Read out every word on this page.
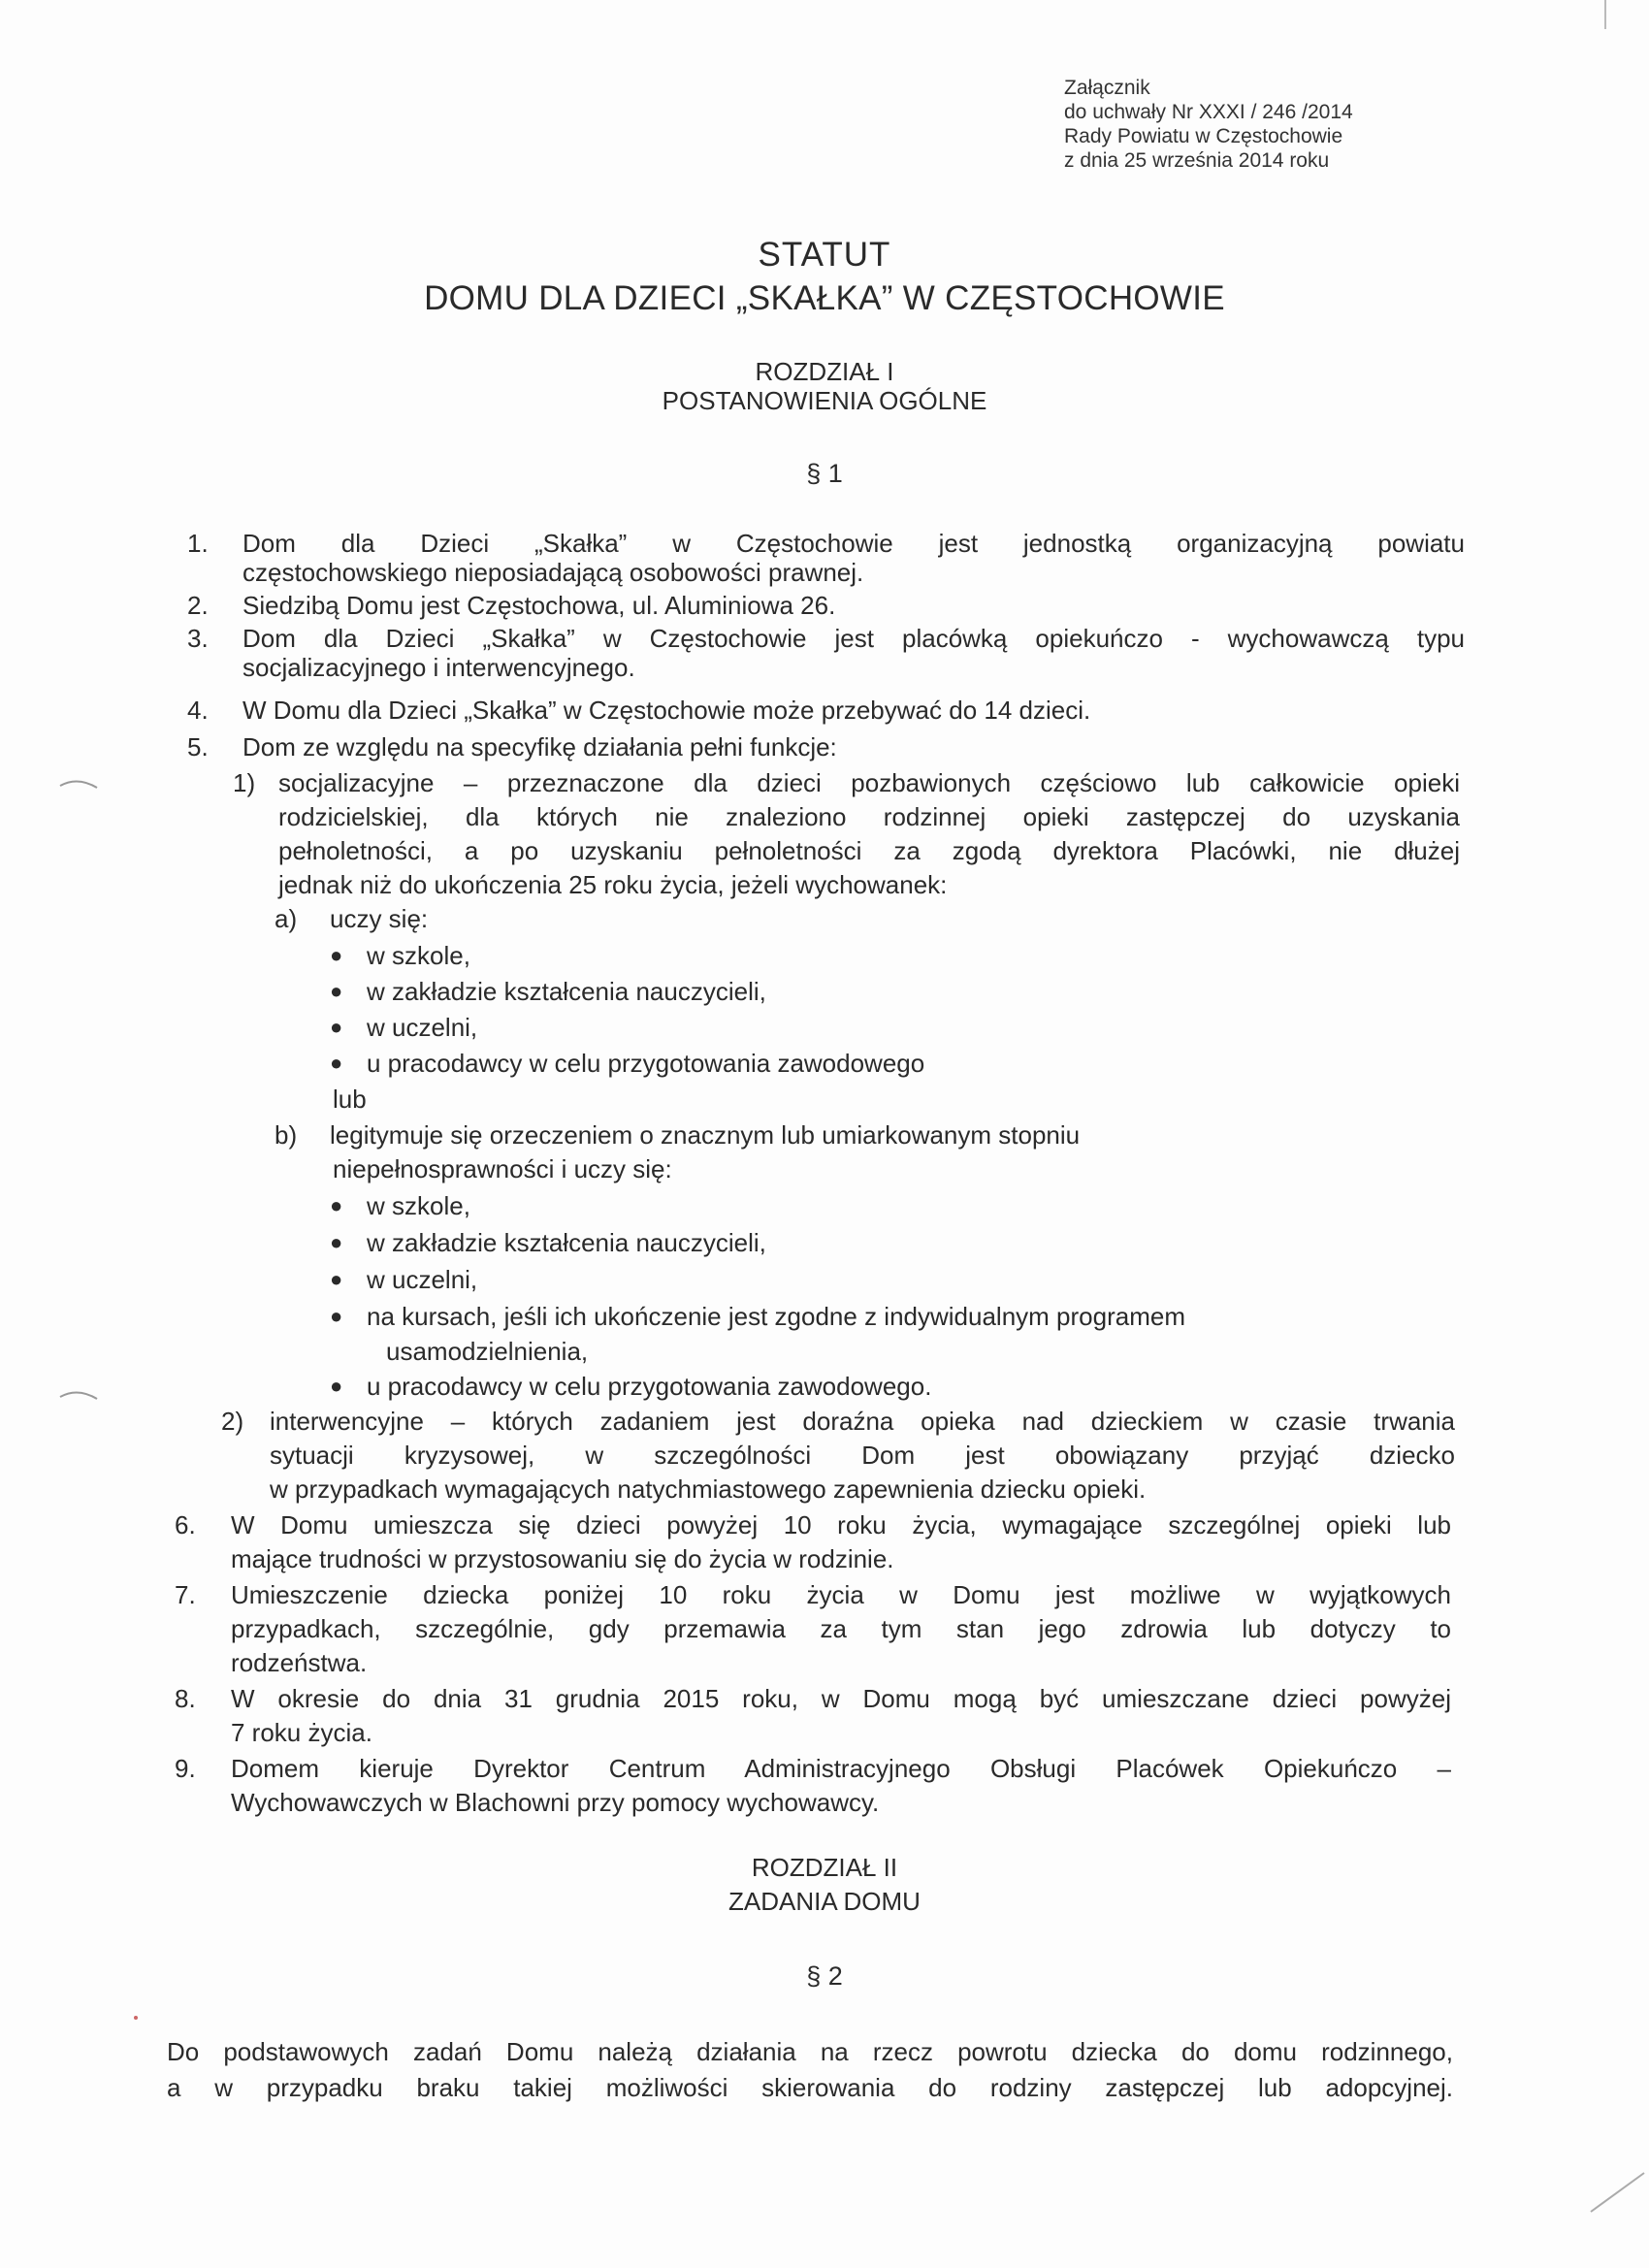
Załącznik
do uchwały Nr XXXI / 246 /2014
Rady Powiatu w Częstochowie
z dnia 25 września 2014 roku
STATUT
DOMU DLA DZIECI „SKAŁKA” W CZĘSTOCHOWIE
ROZDZIAŁ I
POSTANOWIENIA OGÓLNE
§ 1
1. Dom dla Dzieci „Skałka” w Częstochowie jest jednostką organizacyjną powiatu
częstochowskiego nieposiadającą osobowości prawnej.
2. Siedzibą Domu jest Częstochowa, ul. Aluminiowa 26.
3. Dom dla Dzieci „Skałka” w Częstochowie jest placówką opiekuńczo - wychowawczą typu
socjalizacyjnego i interwencyjnego.
4. W Domu dla Dzieci „Skałka” w Częstochowie może przebywać do 14 dzieci.
5. Dom ze względu na specyfikę działania pełni funkcje:
1) socjalizacyjne – przeznaczone dla dzieci pozbawionych częściowo lub całkowicie opieki
rodzicielskiej, dla których nie znaleziono rodzinnej opieki zastępczej do uzyskania
pełnoletności, a po uzyskaniu pełnoletności za zgodą dyrektora Placówki, nie dłużej
jednak niż do ukończenia 25 roku życia, jeżeli wychowanek:
a) uczy się:
● w szkole,
● w zakładzie kształcenia nauczycieli,
● w uczelni,
● u pracodawcy w celu przygotowania zawodowego
lub
b) legitymuje się orzeczeniem o znacznym lub umiarkowanym stopniu
niepełnosprawności i uczy się:
● w szkole,
● w zakładzie kształcenia nauczycieli,
● w uczelni,
● na kursach, jeśli ich ukończenie jest zgodne z indywidualnym programem
usamodzielnienia,
● u pracodawcy w celu przygotowania zawodowego.
2) interwencyjne – których zadaniem jest doraźna opieka nad dzieckiem w czasie trwania
sytuacji kryzysowej, w szczególności Dom jest obowiązany przyjąć dziecko
w przypadkach wymagających natychmiastowego zapewnienia dziecku opieki.
6. W Domu umieszcza się dzieci powyżej 10 roku życia, wymagające szczególnej opieki lub
mające trudności w przystosowaniu się do życia w rodzinie.
7. Umieszczenie dziecka poniżej 10 roku życia w Domu jest możliwe w wyjątkowych
przypadkach, szczególnie, gdy przemawia za tym stan jego zdrowia lub dotyczy to
rodzeństwa.
8. W okresie do dnia 31 grudnia 2015 roku, w Domu mogą być umieszczane dzieci powyżej
7 roku życia.
9. Domem kieruje Dyrektor Centrum Administracyjnego Obsługi Placówek Opiekuńczo –
Wychowawczych w Blachowni przy pomocy wychowawcy.
ROZDZIAŁ II
ZADANIA DOMU
§ 2
Do podstawowych zadań Domu należą działania na rzecz powrotu dziecka do domu rodzinnego,
a w przypadku braku takiej możliwości skierowania do rodziny zastępczej lub adopcyjnej.
